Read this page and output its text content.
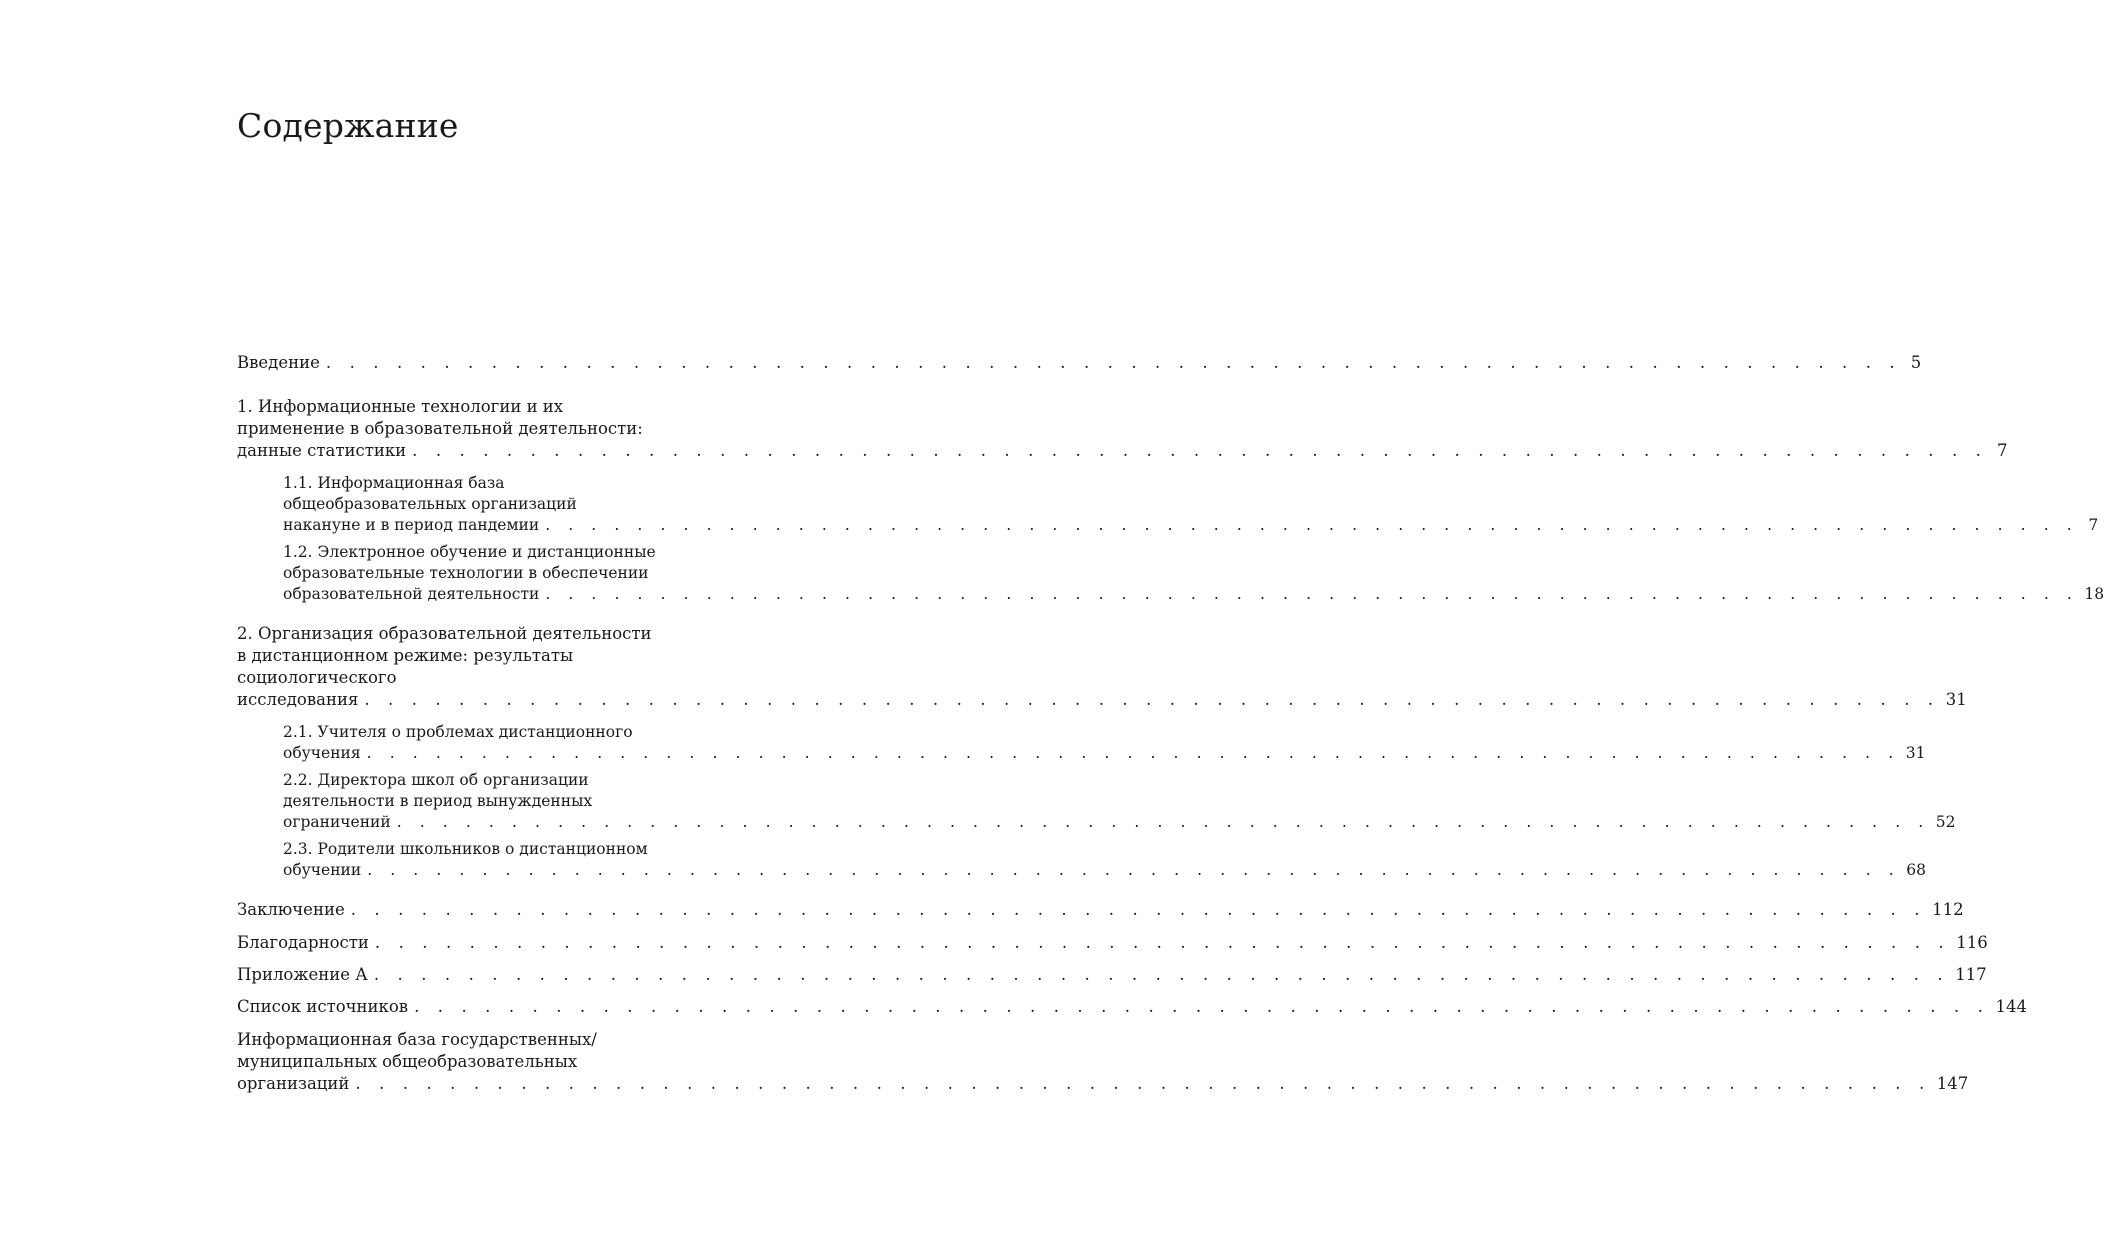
Содержание
Введение . . . . . . . . . . . . . . . . . . . . . . . . . . . . . . . . . . . . . . . . . . . . . . . . . . . . . . . . . . . . . . . . . . . 5
1. Информационные технологии и их
применение в образовательной деятельности:
данные статистики . . . . . . . . . . . . . . . . . . . . . . . . . . . . . . . . . . . . . . . . . . . . . . . . . . . . . . . . . . . . . . . . . . . 7
1.1. Информационная база
общеобразовательных организаций
накануне и в период пандемии . . . . . . . . . . . . . . . . . . . . . . . . . . . . . . . . . . . . . . . . . . . . . . . . . . . . . . . . . . . . . . . . . . . 7
1.2. Электронное обучение и дистанционные
образовательные технологии в обеспечении
образовательной деятельности . . . . . . . . . . . . . . . . . . . . . . . . . . . . . . . . . . . . . . . . . . . . . . . . . . . . . . . . . . . . . . . . . . . 18
2. Организация образовательной деятельности
в дистанционном режиме: результаты
социологического
исследования . . . . . . . . . . . . . . . . . . . . . . . . . . . . . . . . . . . . . . . . . . . . . . . . . . . . . . . . . . . . . . . . . . . 31
2.1. Учителя о проблемах дистанционного
обучения . . . . . . . . . . . . . . . . . . . . . . . . . . . . . . . . . . . . . . . . . . . . . . . . . . . . . . . . . . . . . . . . . . . 31
2.2. Директора школ об организации
деятельности в период вынужденных
ограничений . . . . . . . . . . . . . . . . . . . . . . . . . . . . . . . . . . . . . . . . . . . . . . . . . . . . . . . . . . . . . . . . . . . 52
2.3. Родители школьников о дистанционном
обучении . . . . . . . . . . . . . . . . . . . . . . . . . . . . . . . . . . . . . . . . . . . . . . . . . . . . . . . . . . . . . . . . . . . 68
Заключение . . . . . . . . . . . . . . . . . . . . . . . . . . . . . . . . . . . . . . . . . . . . . . . . . . . . . . . . . . . . . . . . . . . 112
Благодарности . . . . . . . . . . . . . . . . . . . . . . . . . . . . . . . . . . . . . . . . . . . . . . . . . . . . . . . . . . . . . . . . . . . 116
Приложение А . . . . . . . . . . . . . . . . . . . . . . . . . . . . . . . . . . . . . . . . . . . . . . . . . . . . . . . . . . . . . . . . . . . 117
Список источников . . . . . . . . . . . . . . . . . . . . . . . . . . . . . . . . . . . . . . . . . . . . . . . . . . . . . . . . . . . . . . . . . . . 144
Информационная база государственных/
муниципальных общеобразовательных
организаций . . . . . . . . . . . . . . . . . . . . . . . . . . . . . . . . . . . . . . . . . . . . . . . . . . . . . . . . . . . . . . . . . . . 147
